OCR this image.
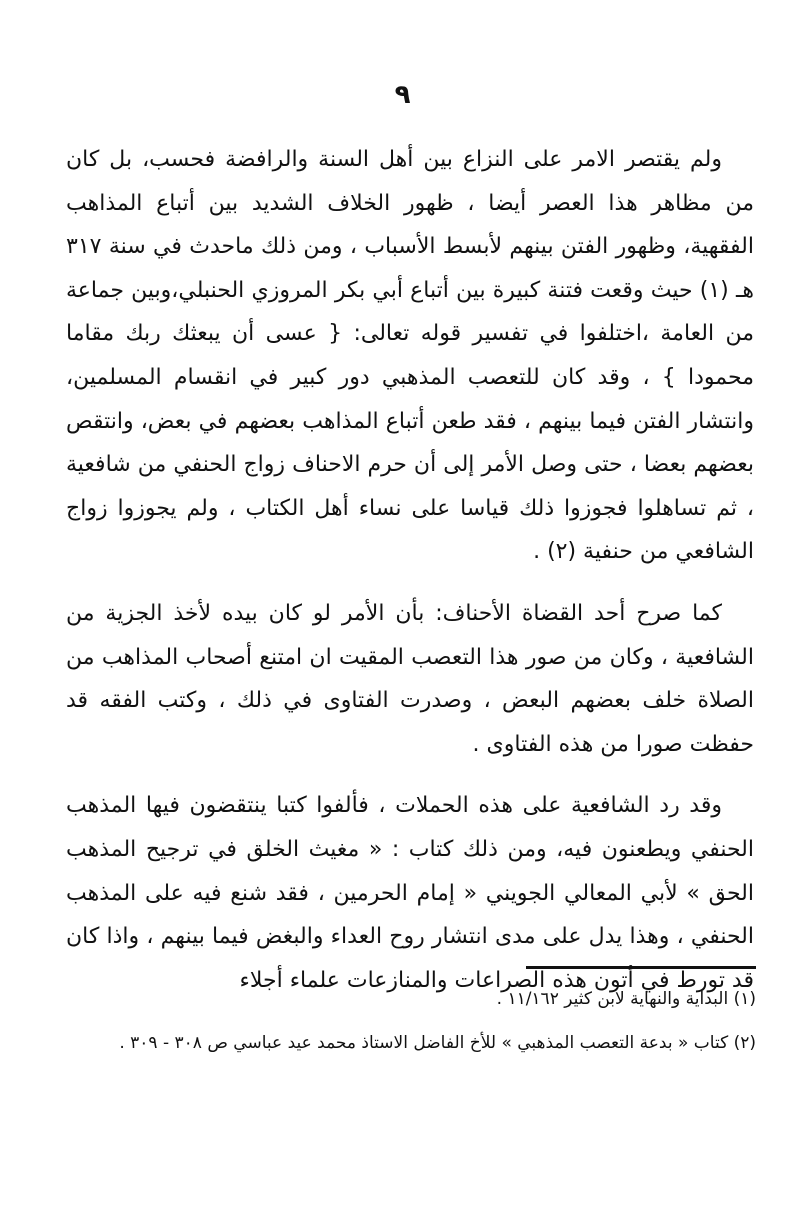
٩

ولم يقتصر الامر على النزاع بين أهل السنة والرافضة فحسب، بل كان من مظاهر هذا العصر أيضا ، ظهور الخلاف الشديد بين أتباع المذاهب الفقهية، وظهور الفتن بينهم لأبسط الأسباب ، ومن ذلك ماحدث في سنة ٣١٧ هـ (١) حيث وقعت فتنة كبيرة بين أتباع أبي بكر المروزي الحنبلي،وبين جماعة من العامة ،اختلفوا في تفسير قوله تعالى: { عسى أن يبعثك ربك مقاما محمودا } ، وقد كان للتعصب المذهبي دور كبير في انقسام المسلمين، وانتشار الفتن فيما بينهم ، فقد طعن أتباع المذاهب بعضهم في بعض، وانتقص بعضهم بعضا ، حتى وصل الأمر إلى أن حرم الاحناف زواج الحنفي من شافعية ، ثم تساهلوا فجوزوا ذلك قياسا على نساء أهل الكتاب ، ولم يجوزوا زواج الشافعي من حنفية (٢) .

كما صرح أحد القضاة الأحناف: بأن الأمر لو كان بيده لأخذ الجزية من الشافعية ، وكان من صور هذا التعصب المقيت ان امتنع أصحاب المذاهب من الصلاة خلف بعضهم البعض ، وصدرت الفتاوى في ذلك ، وكتب الفقه قد حفظت صورا من هذه الفتاوى .

وقد رد الشافعية على هذه الحملات ، فألفوا كتبا ينتقضون فيها المذهب الحنفي ويطعنون فيه، ومن ذلك كتاب : « مغيث الخلق في ترجيح المذهب الحق » لأبي المعالي الجويني « إمام الحرمين ، فقد شنع فيه على المذهب الحنفي ، وهذا يدل على مدى انتشار روح العداء والبغض فيما بينهم ، واذا كان قد تورط في أتون هذه الصراعات والمنازعات علماء أجلاء

(١) البداية والنهاية لابن كثير ١١/١٦٢ .

(٢) كتاب « بدعة التعصب المذهبي » للأخ الفاضل الاستاذ محمد عيد عباسي ص ٣٠٨ - ٣٠٩ .
